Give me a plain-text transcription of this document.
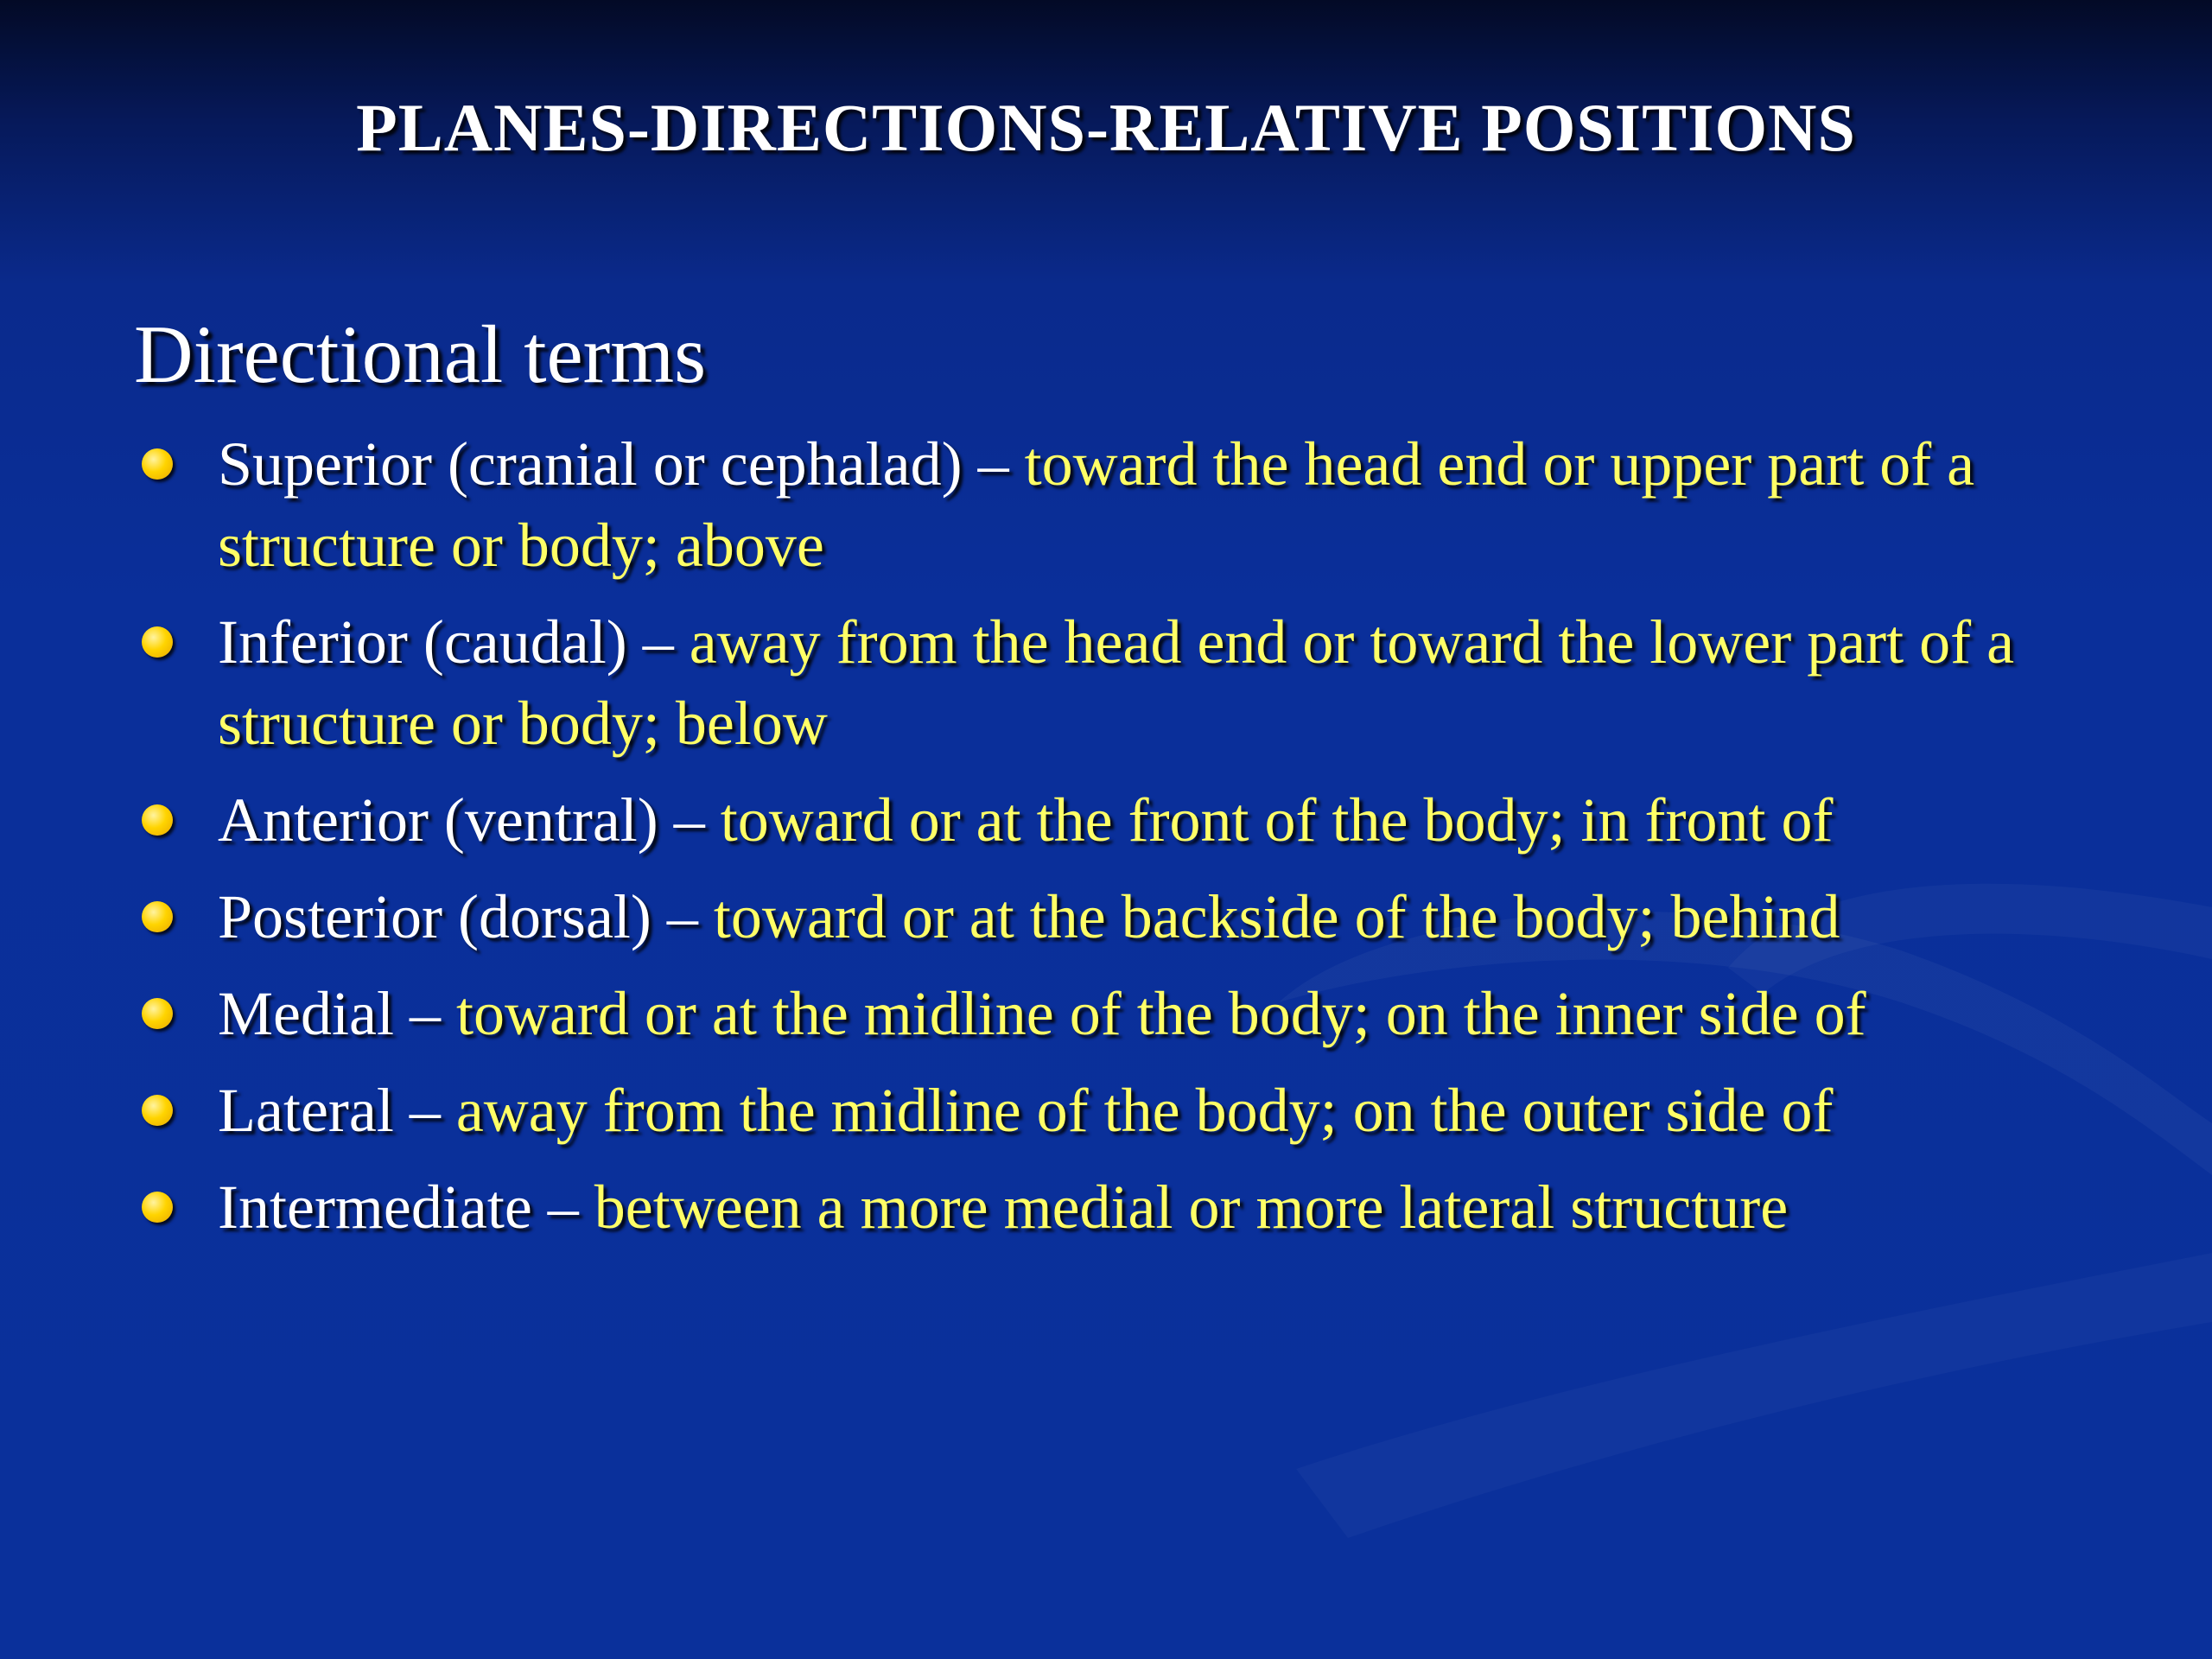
PLANES-DIRECTIONS-RELATIVE POSITIONS
Directional terms
Superior (cranial or cephalad) – toward the head end or upper part of a structure or body; above
Inferior (caudal) – away from the head end or toward the lower part of a structure or body; below
Anterior (ventral) – toward or at the front of the body; in front of
Posterior (dorsal) – toward or at the backside of the body; behind
Medial – toward or at the midline of the body; on the inner side of
Lateral – away from the midline of the body; on the outer side of
Intermediate – between a more medial or more lateral structure
